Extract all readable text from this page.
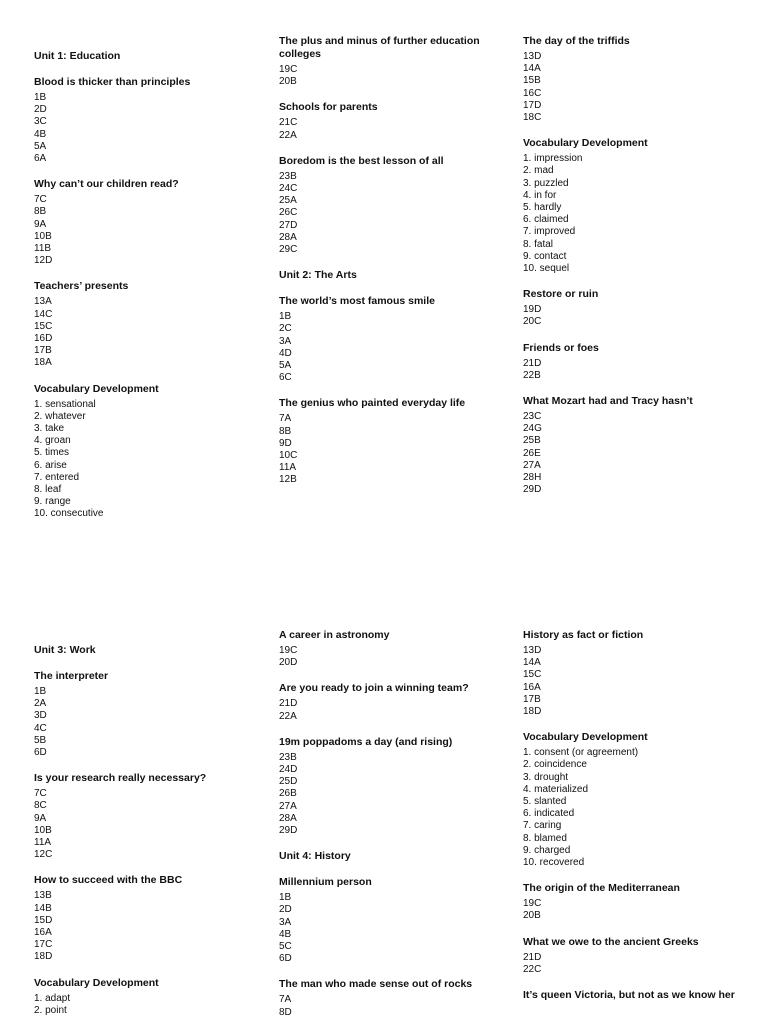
Unit 1: Education
Blood is thicker than principles
1B
2D
3C
4B
5A
6A
Why can’t our children read?
7C
8B
9A
10B
11B
12D
Teachers’ presents
13A
14C
15C
16D
17B
18A
Vocabulary Development
1. sensational
2. whatever
3. take
4. groan
5. times
6. arise
7. entered
8. leaf
9. range
10. consecutive
The plus and minus of further education colleges
19C
20B
Schools for parents
21C
22A
Boredom is the best lesson of all
23B
24C
25A
26C
27D
28A
29C
Unit 2: The Arts
The world’s most famous smile
1B
2C
3A
4D
5A
6C
The genius who painted everyday life
7A
8B
9D
10C
11A
12B
The day of the triffids
13D
14A
15B
16C
17D
18C
Vocabulary Development
1. impression
2. mad
3. puzzled
4. in for
5. hardly
6. claimed
7. improved
8. fatal
9. contact
10. sequel
Restore or ruin
19D
20C
Friends or foes
21D
22B
What Mozart had and Tracy hasn’t
23C
24G
25B
26E
27A
28H
29D
Unit 3: Work
The interpreter
1B
2A
3D
4C
5B
6D
Is your research really necessary?
7C
8C
9A
10B
11A
12C
How to succeed with the BBC
13B
14B
15D
16A
17C
18D
Vocabulary Development
1. adapt
2. point
A career in astronomy
19C
20D
Are you ready to join a winning team?
21D
22A
19m poppadoms a day (and rising)
23B
24D
25D
26B
27A
28A
29D
Unit 4: History
Millennium person
1B
2D
3A
4B
5C
6D
The man who made sense out of rocks
7A
8D
History as fact or fiction
13D
14A
15C
16A
17B
18D
Vocabulary Development
1. consent (or agreement)
2. coincidence
3. drought
4. materialized
5. slanted
6. indicated
7. caring
8. blamed
9. charged
10. recovered
The origin of the Mediterranean
19C
20B
What we owe to the ancient Greeks
21D
22C
It’s queen Victoria, but not as we know her
